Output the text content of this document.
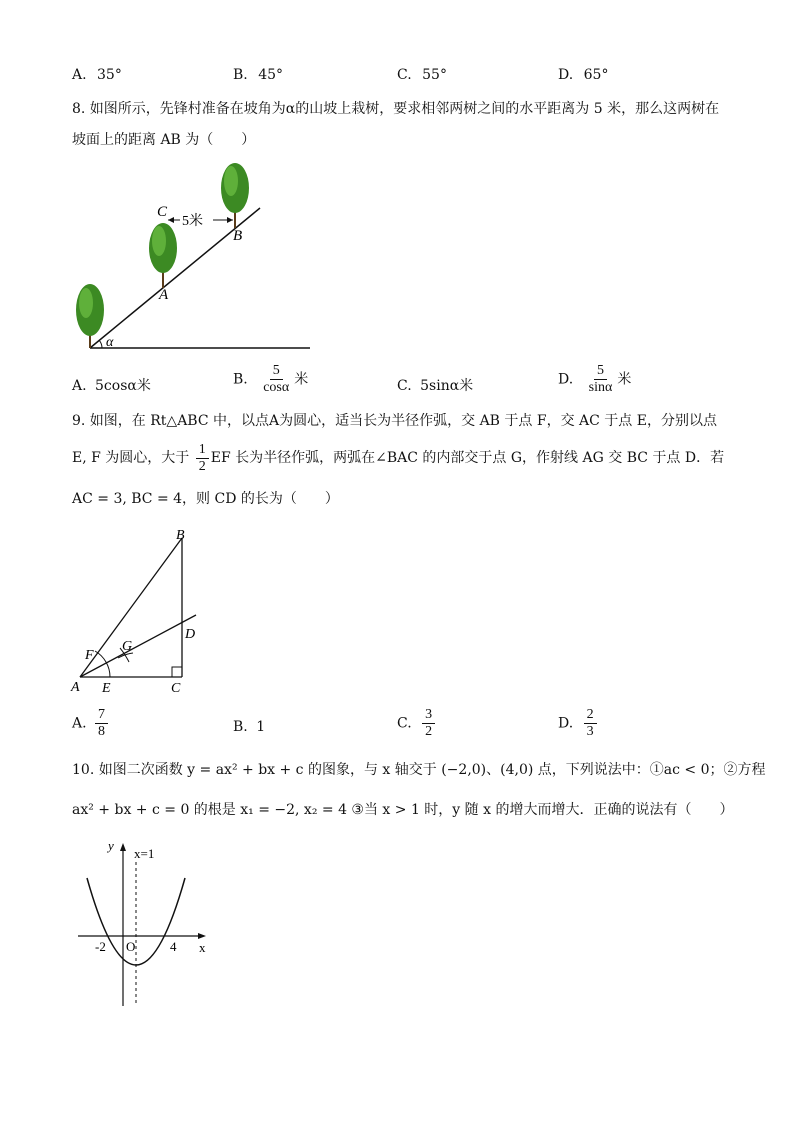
A. 35°	B. 45°	C. 55°	D. 65°
8. 如图所示，先锋村准备在坡角为α的山坡上栽树，要求相邻两树之间的水平距离为 5 米，那么这两树在
坡面上的距离 AB 为（　　）
C
5米
B
A
α
A. 5cosα米	B. $\frac{5}{\cos\alpha}$ 米	C. 5sinα米	D. $\frac{5}{\sin\alpha}$ 米
9. 如图，在 Rt△ABC 中，以点A为圆心，适当长为半径作弧，交 AB 于点 F，交 AC 于点 E，分别以点
E, F 为圆心，大于 $\frac{1}{2}$ EF 长为半径作弧，两弧在∠BAC 的内部交于点 G，作射线 AG 交 BC 于点 D．若
AC = 3, BC = 4，则 CD 的长为（　　）
B
D
G
F
A E	C
A. $\frac{7}{8}$	B. 1	C. $\frac{3}{2}$	D. $\frac{2}{3}$
10. 如图二次函数 y = ax² + bx + c 的图象，与 x 轴交于 (−2,0)、(4,0) 点，下列说法中：①ac < 0；②方程
ax² + bx + c = 0 的根是 x₁ = −2, x₂ = 4 ③当 x > 1 时，y 随 x 的增大而增大．正确的说法有（　　）
y
x=1
x
O
-2	4
